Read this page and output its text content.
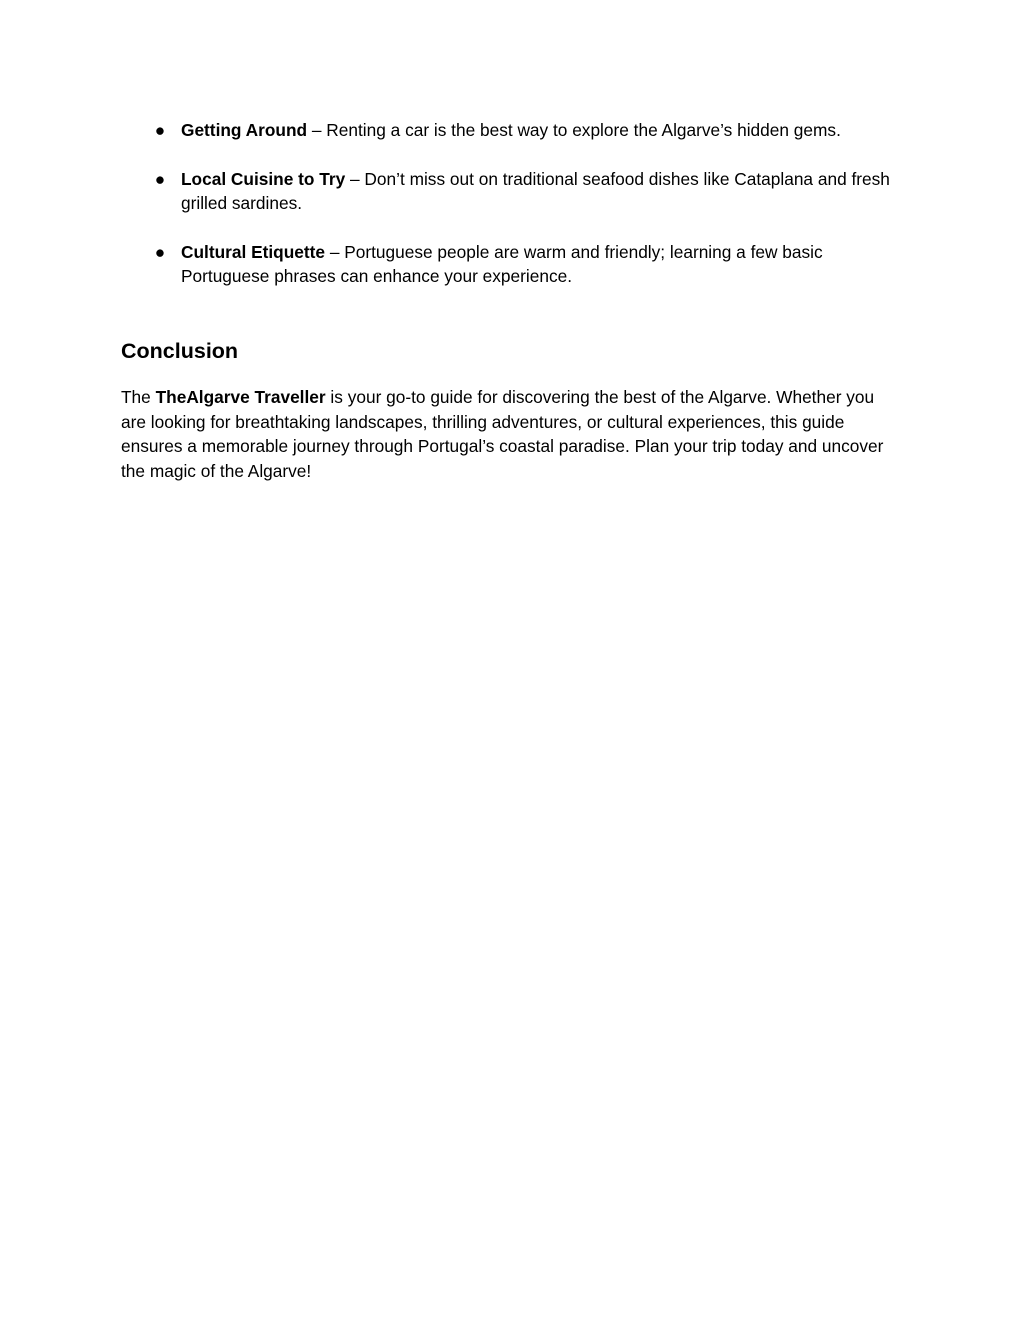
● Getting Around – Renting a car is the best way to explore the Algarve’s hidden gems.
● Local Cuisine to Try – Don’t miss out on traditional seafood dishes like Cataplana and fresh grilled sardines.
● Cultural Etiquette – Portuguese people are warm and friendly; learning a few basic Portuguese phrases can enhance your experience.
Conclusion

The TheAlgarve Traveller is your go-to guide for discovering the best of the Algarve. Whether you are looking for breathtaking landscapes, thrilling adventures, or cultural experiences, this guide ensures a memorable journey through Portugal’s coastal paradise. Plan your trip today and uncover the magic of the Algarve!
